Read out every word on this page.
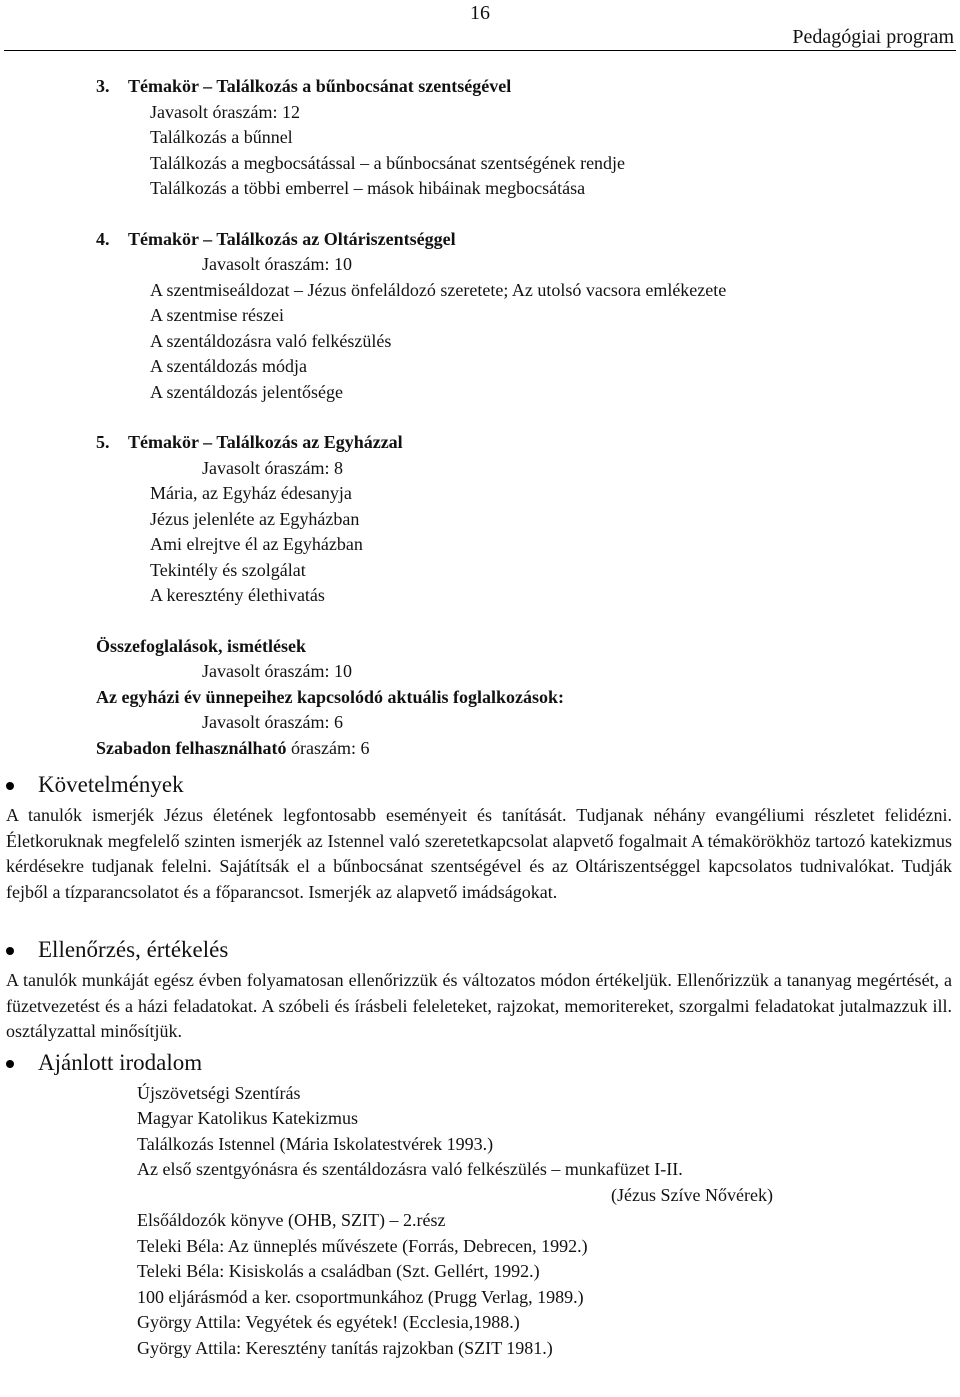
16
Pedagógiai program
3. Témakör – Találkozás a bűnbocsánat szentségével
Javasolt óraszám: 12
Találkozás a bűnnel
Találkozás a megbocsátással – a bűnbocsánat szentségének rendje
Találkozás a többi emberrel – mások hibáinak megbocsátása
4. Témakör – Találkozás az Oltáriszentséggel
Javasolt óraszám: 10
A szentmiseáldozat – Jézus önfeláldozó szeretete; Az utolsó vacsora emlékezete
A szentmise részei
A szentáldozásra való felkészülés
A szentáldozás módja
A szentáldozás jelentősége
5. Témakör – Találkozás az Egyházzal
Javasolt óraszám: 8
Mária, az Egyház édesanyja
Jézus jelenléte az Egyházban
Ami elrejtve él az Egyházban
Tekintély és szolgálat
A keresztény élethivatás
Összefoglalások, ismétlések
Javasolt óraszám: 10
Az egyházi év ünnepeihez kapcsolódó aktuális foglalkozások:
Javasolt óraszám: 6
Szabadon felhasználható óraszám: 6
Követelmények
A tanulók ismerjék Jézus életének legfontosabb eseményeit és tanítását. Tudjanak néhány evangéliumi részletet felidézni. Életkoruknak megfelelő szinten ismerjék az Istennel való szeretetkapcsolat alapvető fogalmait A témakörökhöz tartozó katekizmus kérdésekre tudjanak felelni. Sajátítsák el a bűnbocsánat szentségével és az Oltáriszentséggel kapcsolatos tudnivalókat. Tudják fejből a tízparancsolatot és a főparancsot. Ismerjék az alapvető imádságokat.
Ellenőrzés, értékelés
A tanulók munkáját egész évben folyamatosan ellenőrizzük és változatos módon értékeljük. Ellenőrizzük a tananyag megértését, a füzetvezetést és a házi feladatokat. A szóbeli és írásbeli feleleteket, rajzokat, memoritereket, szorgalmi feladatokat jutalmazzuk ill. osztályzattal minősítjük.
Ajánlott irodalom
Újszövetségi Szentírás
Magyar Katolikus Katekizmus
Találkozás Istennel (Mária Iskolatestvérek 1993.)
Az első szentgyónásra és szentáldozásra való felkészülés – munkafüzet I-II.
(Jézus Szíve Nővérek)
Elsőáldozók könyve (OHB, SZIT) – 2.rész
Teleki Béla: Az ünneplés művészete (Forrás, Debrecen, 1992.)
Teleki Béla: Kisiskolás a családban (Szt. Gellért, 1992.)
100 eljárásmód a ker. csoportmunkához (Prugg Verlag, 1989.)
György Attila: Vegyétek és egyétek! (Ecclesia,1988.)
György Attila: Keresztény tanítás rajzokban (SZIT 1981.)
